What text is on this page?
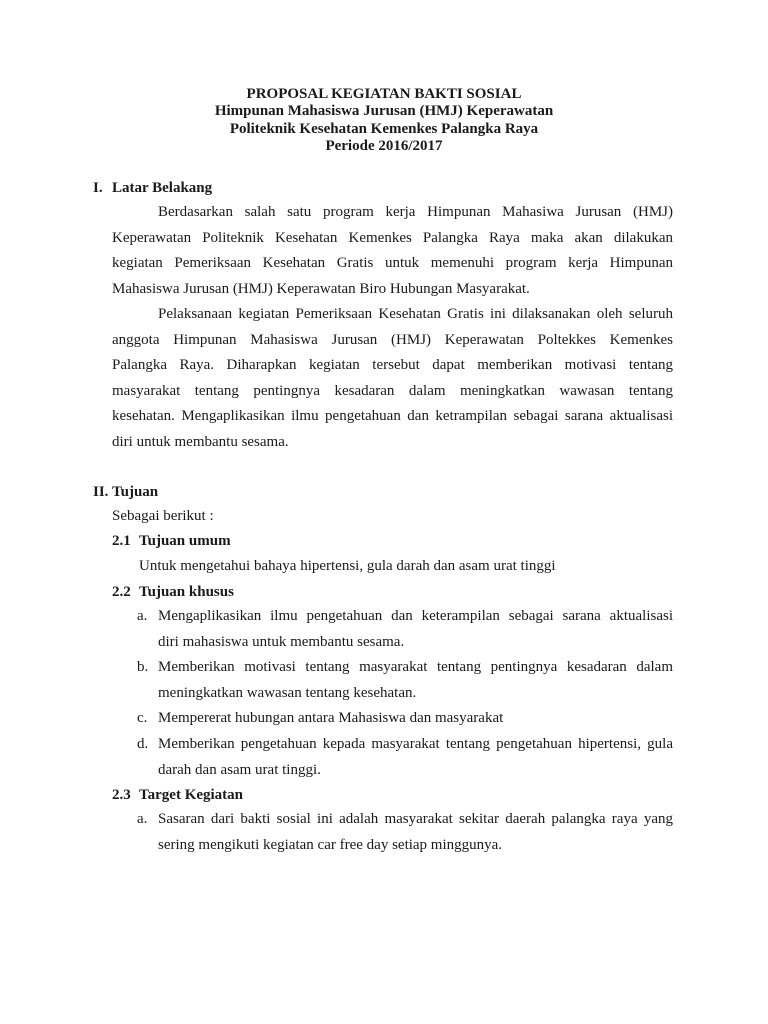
PROPOSAL KEGIATAN BAKTI SOSIAL
Himpunan Mahasiswa Jurusan (HMJ) Keperawatan
Politeknik Kesehatan Kemenkes Palangka Raya
Periode 2016/2017
I. Latar Belakang
Berdasarkan salah satu program kerja Himpunan Mahasiwa Jurusan (HMJ)
Keperawatan Politeknik Kesehatan Kemenkes Palangka Raya maka akan dilakukan
kegiatan Pemeriksaan Kesehatan Gratis untuk memenuhi program kerja Himpunan
Mahasiswa Jurusan (HMJ) Keperawatan Biro Hubungan Masyarakat.
Pelaksanaan kegiatan Pemeriksaan Kesehatan Gratis ini dilaksanakan oleh seluruh
anggota Himpunan Mahasiswa Jurusan (HMJ) Keperawatan Poltekkes Kemenkes
Palangka Raya. Diharapkan kegiatan tersebut dapat memberikan motivasi tentang
masyarakat tentang pentingnya kesadaran dalam meningkatkan wawasan tentang
kesehatan. Mengaplikasikan ilmu pengetahuan dan ketrampilan sebagai sarana aktualisasi
diri untuk membantu sesama.
II. Tujuan
Sebagai berikut :
2.1 Tujuan umum
Untuk mengetahui bahaya hipertensi, gula darah dan asam urat tinggi
2.2 Tujuan khusus
a. Mengaplikasikan ilmu pengetahuan dan keterampilan sebagai sarana aktualisasi
diri mahasiswa untuk membantu sesama.
b. Memberikan motivasi tentang masyarakat tentang pentingnya kesadaran dalam
meningkatkan wawasan tentang kesehatan.
c. Mempererat hubungan antara Mahasiswa dan masyarakat
d. Memberikan pengetahuan kepada masyarakat tentang pengetahuan hipertensi, gula
darah dan asam urat tinggi.
2.3 Target Kegiatan
a. Sasaran dari bakti sosial ini adalah masyarakat sekitar daerah palangka raya yang
sering mengikuti kegiatan car free day setiap minggunya.
